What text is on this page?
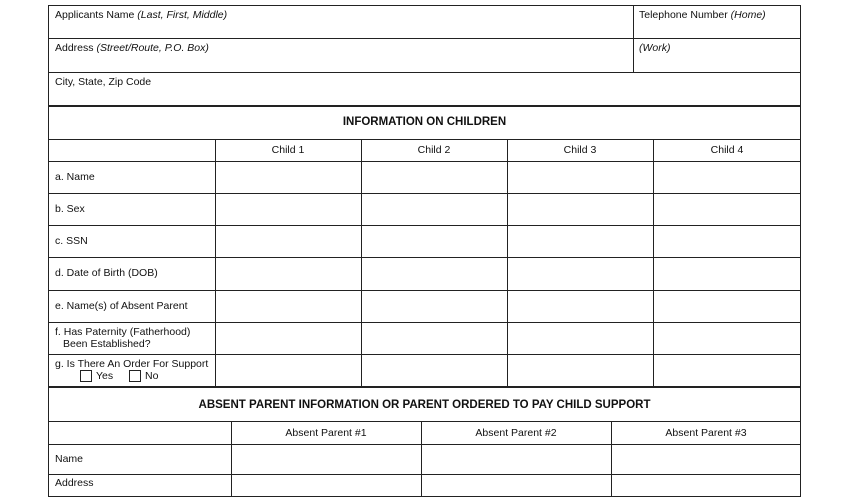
Applicants Name (Last, First, Middle)	Telephone Number (Home)
Address (Street/Route, P.O. Box)	(Work)
City, State, Zip Code
INFORMATION ON CHILDREN
Child 1	Child 2	Child 3	Child 4
a. Name
b. Sex
c. SSN
d. Date of Birth (DOB)
e. Name(s) of Absent Parent
f. Has Paternity (Fatherhood)
Been Established?
g. Is There An Order For Support
Yes	No
ABSENT PARENT INFORMATION OR PARENT ORDERED TO PAY CHILD SUPPORT
Absent Parent #1	Absent Parent #2	Absent Parent #3
Name
Address
